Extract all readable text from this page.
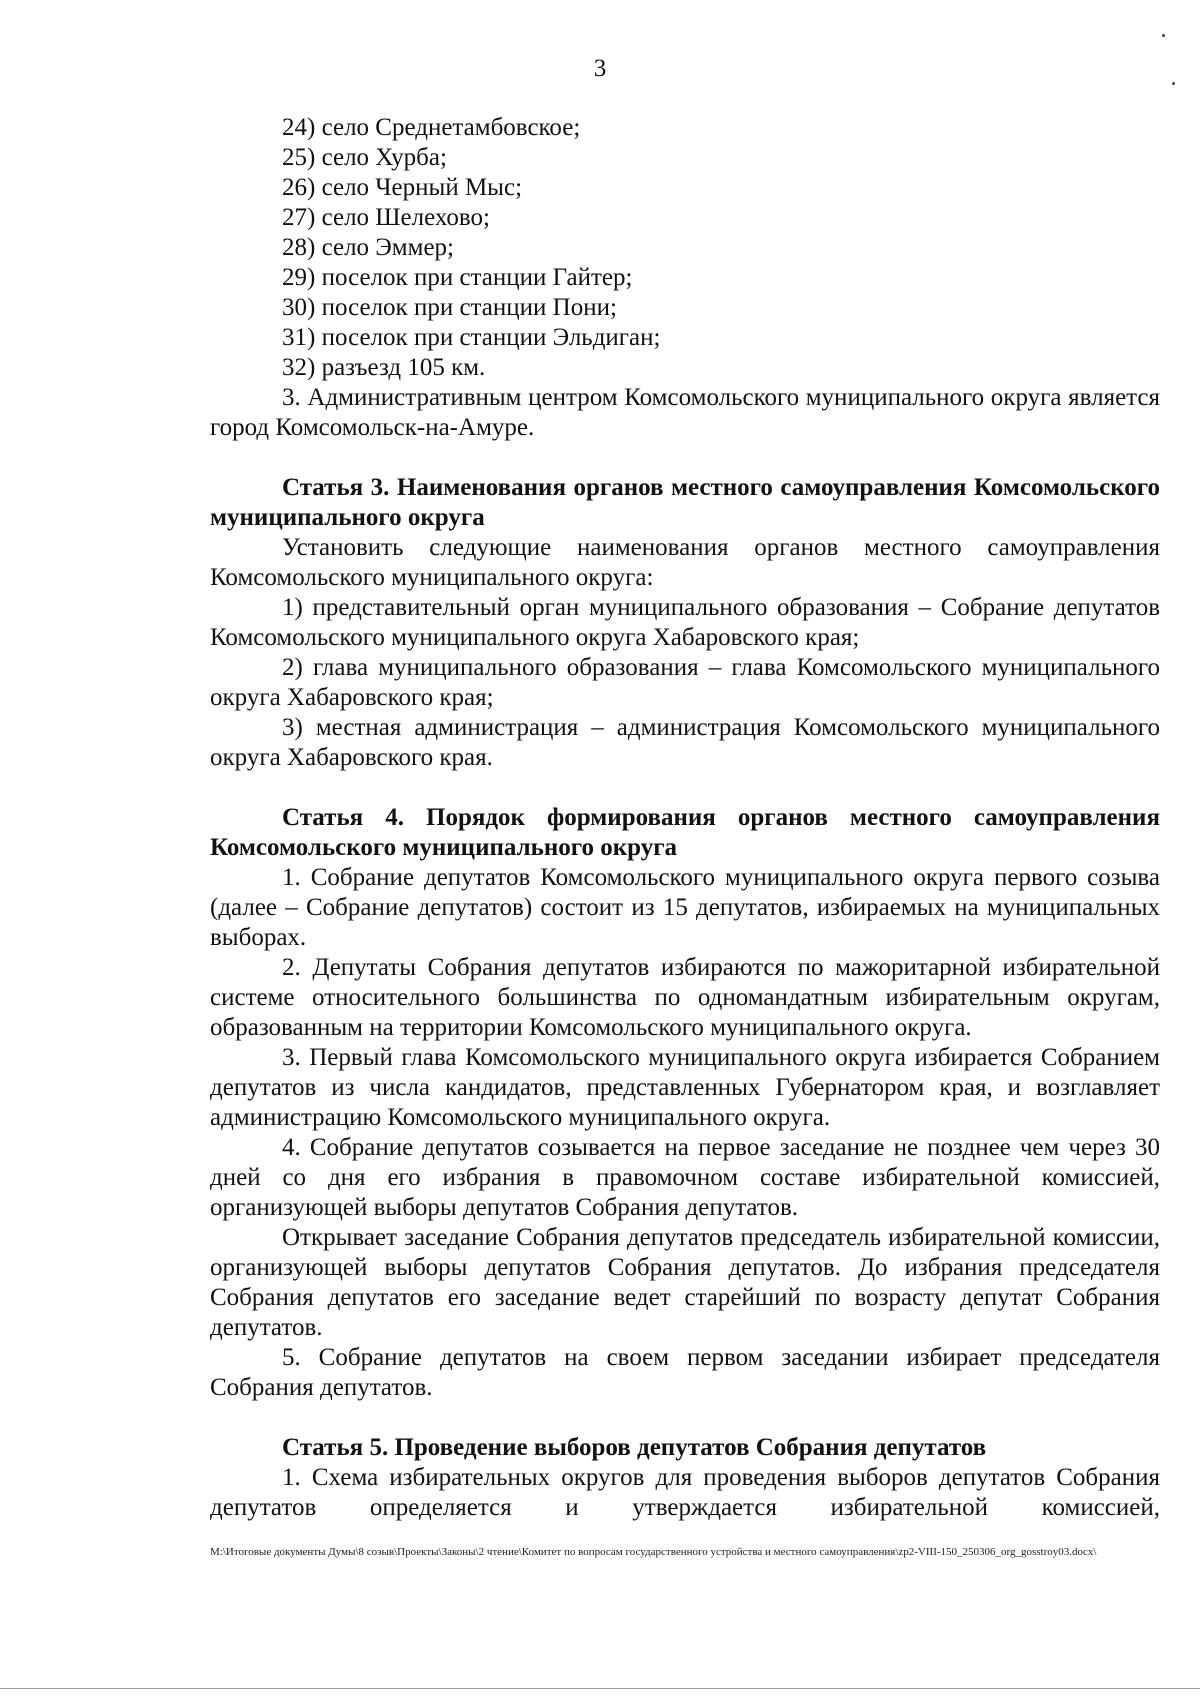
3

24) село Среднетамбовское;

25) село Хурба;

26) село Черный Мыс;

27) село Шелехово;

28) село Эммер;

29) поселок при станции Гайтер;

30) поселок при станции Пони;

31) поселок при станции Эльдиган;

32) разъезд 105 км.

3. Административным центром Комсомольского муниципального округа является город Комсомольск-на-Амуре.

Статья 3. Наименования органов местного самоуправления Комсомольского муниципального округа

Установить следующие наименования органов местного самоуправления Комсомольского муниципального округа:

1) представительный орган муниципального образования – Собрание депутатов Комсомольского муниципального округа Хабаровского края;

2) глава муниципального образования – глава Комсомольского муниципального округа Хабаровского края;

3) местная администрация – администрация Комсомольского муниципального округа Хабаровского края.

Статья 4. Порядок формирования органов местного самоуправления Комсомольского муниципального округа

1. Собрание депутатов Комсомольского муниципального округа первого созыва (далее – Собрание депутатов) состоит из 15 депутатов, избираемых на муниципальных выборах.

2. Депутаты Собрания депутатов избираются по мажоритарной избирательной системе относительного большинства по одномандатным избирательным округам, образованным на территории Комсомольского муниципального округа.

3. Первый глава Комсомольского муниципального округа избирается Собранием депутатов из числа кандидатов, представленных Губернатором края, и возглавляет администрацию Комсомольского муниципального округа.

4. Собрание депутатов созывается на первое заседание не позднее чем через 30 дней со дня его избрания в правомочном составе избирательной комиссией, организующей выборы депутатов Собрания депутатов.

Открывает заседание Собрания депутатов председатель избирательной комиссии, организующей выборы депутатов Собрания депутатов. До избрания председателя Собрания депутатов его заседание ведет старейший по возрасту депутат Собрания депутатов.

5. Собрание депутатов на своем первом заседании избирает председателя Собрания депутатов.

Статья 5. Проведение выборов депутатов Собрания депутатов

1. Схема избирательных округов для проведения выборов депутатов Собрания депутатов определяется и утверждается избирательной комиссией,

M:\Итоговые документы Думы\8 созыв\Проекты\Законы\2 чтение\Комитет по вопросам государственного устройства и местного самоуправления\zp2-VIII-150_250306_org_gosstroy03.docx\
